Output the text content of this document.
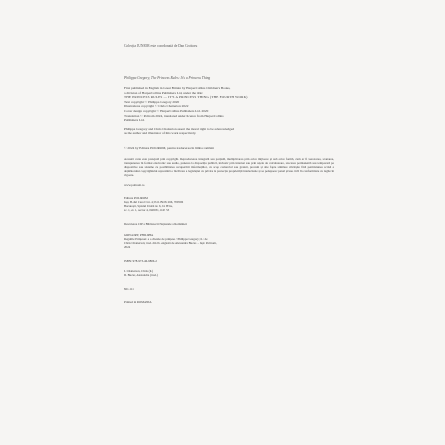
Colecția JUNIOR este coordonată de Dan Croitoru
Philippa Gregory, The Princess Rules: It's a Princess Thing
First published in English in Great Britain by HarperCollins Children's Books,
a division of HarperCollins Publishers Ltd, under the title:
THE PRINCESS RULES — IT'S A PRINCESS THING (THE FOURTH WORK)
Text copyright © Philippa Gregory 2020
Illustrations copyright © Chris Chatterton 2022
Cover design copyright © HarperCollins Publishers Ltd. 2020
Translation © Polirom 2024, translated under licence from HarperCollins
Publishers Ltd.
Philippa Gregory and Chris Chatterton assert the moral right to be acknowledged
as the author and illustrator of this work respectively.
© 2024 by Editura POLIROM, pentru traducerea în limba română
Această carte este protejată prin copyright. Reproducerea integrală sau parțială, multiplicarea prin orice mijloace și sub orice formă, cum ar fi xeroxarea, scanarea, transpunerea în format electronic sau audio, punerea la dispoziția publică, inclusiv prin internet sau prin rețele de calculatoare, stocarea permanentă sau temporară pe dispozitive sau sisteme cu posibilitatea recuperării informațiilor, cu scop comercial sau gratuit, precum și alte fapte similare săvârșite fără permisiunea scrisă a deținătorului copyrightului reprezintă o încălcare a legislației cu privire la protecția proprietății intelectuale și se pedepsesc penal și/sau civil în conformitate cu legile în vigoare.
www.polirom.ro
Editura POLIROM
Iași, B-dul Carol I nr. 4; P.O. BOX 266, 700506
București, Splaiul Unirii nr. 6, bl. B3A,
sc. 1, et. 1, sector 4, 040031, O.P. 53
Descrierea CIP a Bibliotecii Naționale a României:
GREGORY, PHILIPPA
Regulile Prințesei: e o chestie de prințese / Philippa Gregory; il.: de
Chris Chatterton; trad. din lb. engleză de Alexandra Bucur. – Iași: Polirom,
2024
ISBN: 978-973-46-9806-2
I. Chatterton, Chris (il.)
II. Bucur, Alexandra (trad.)
821.111
Printed in ROMANIA
